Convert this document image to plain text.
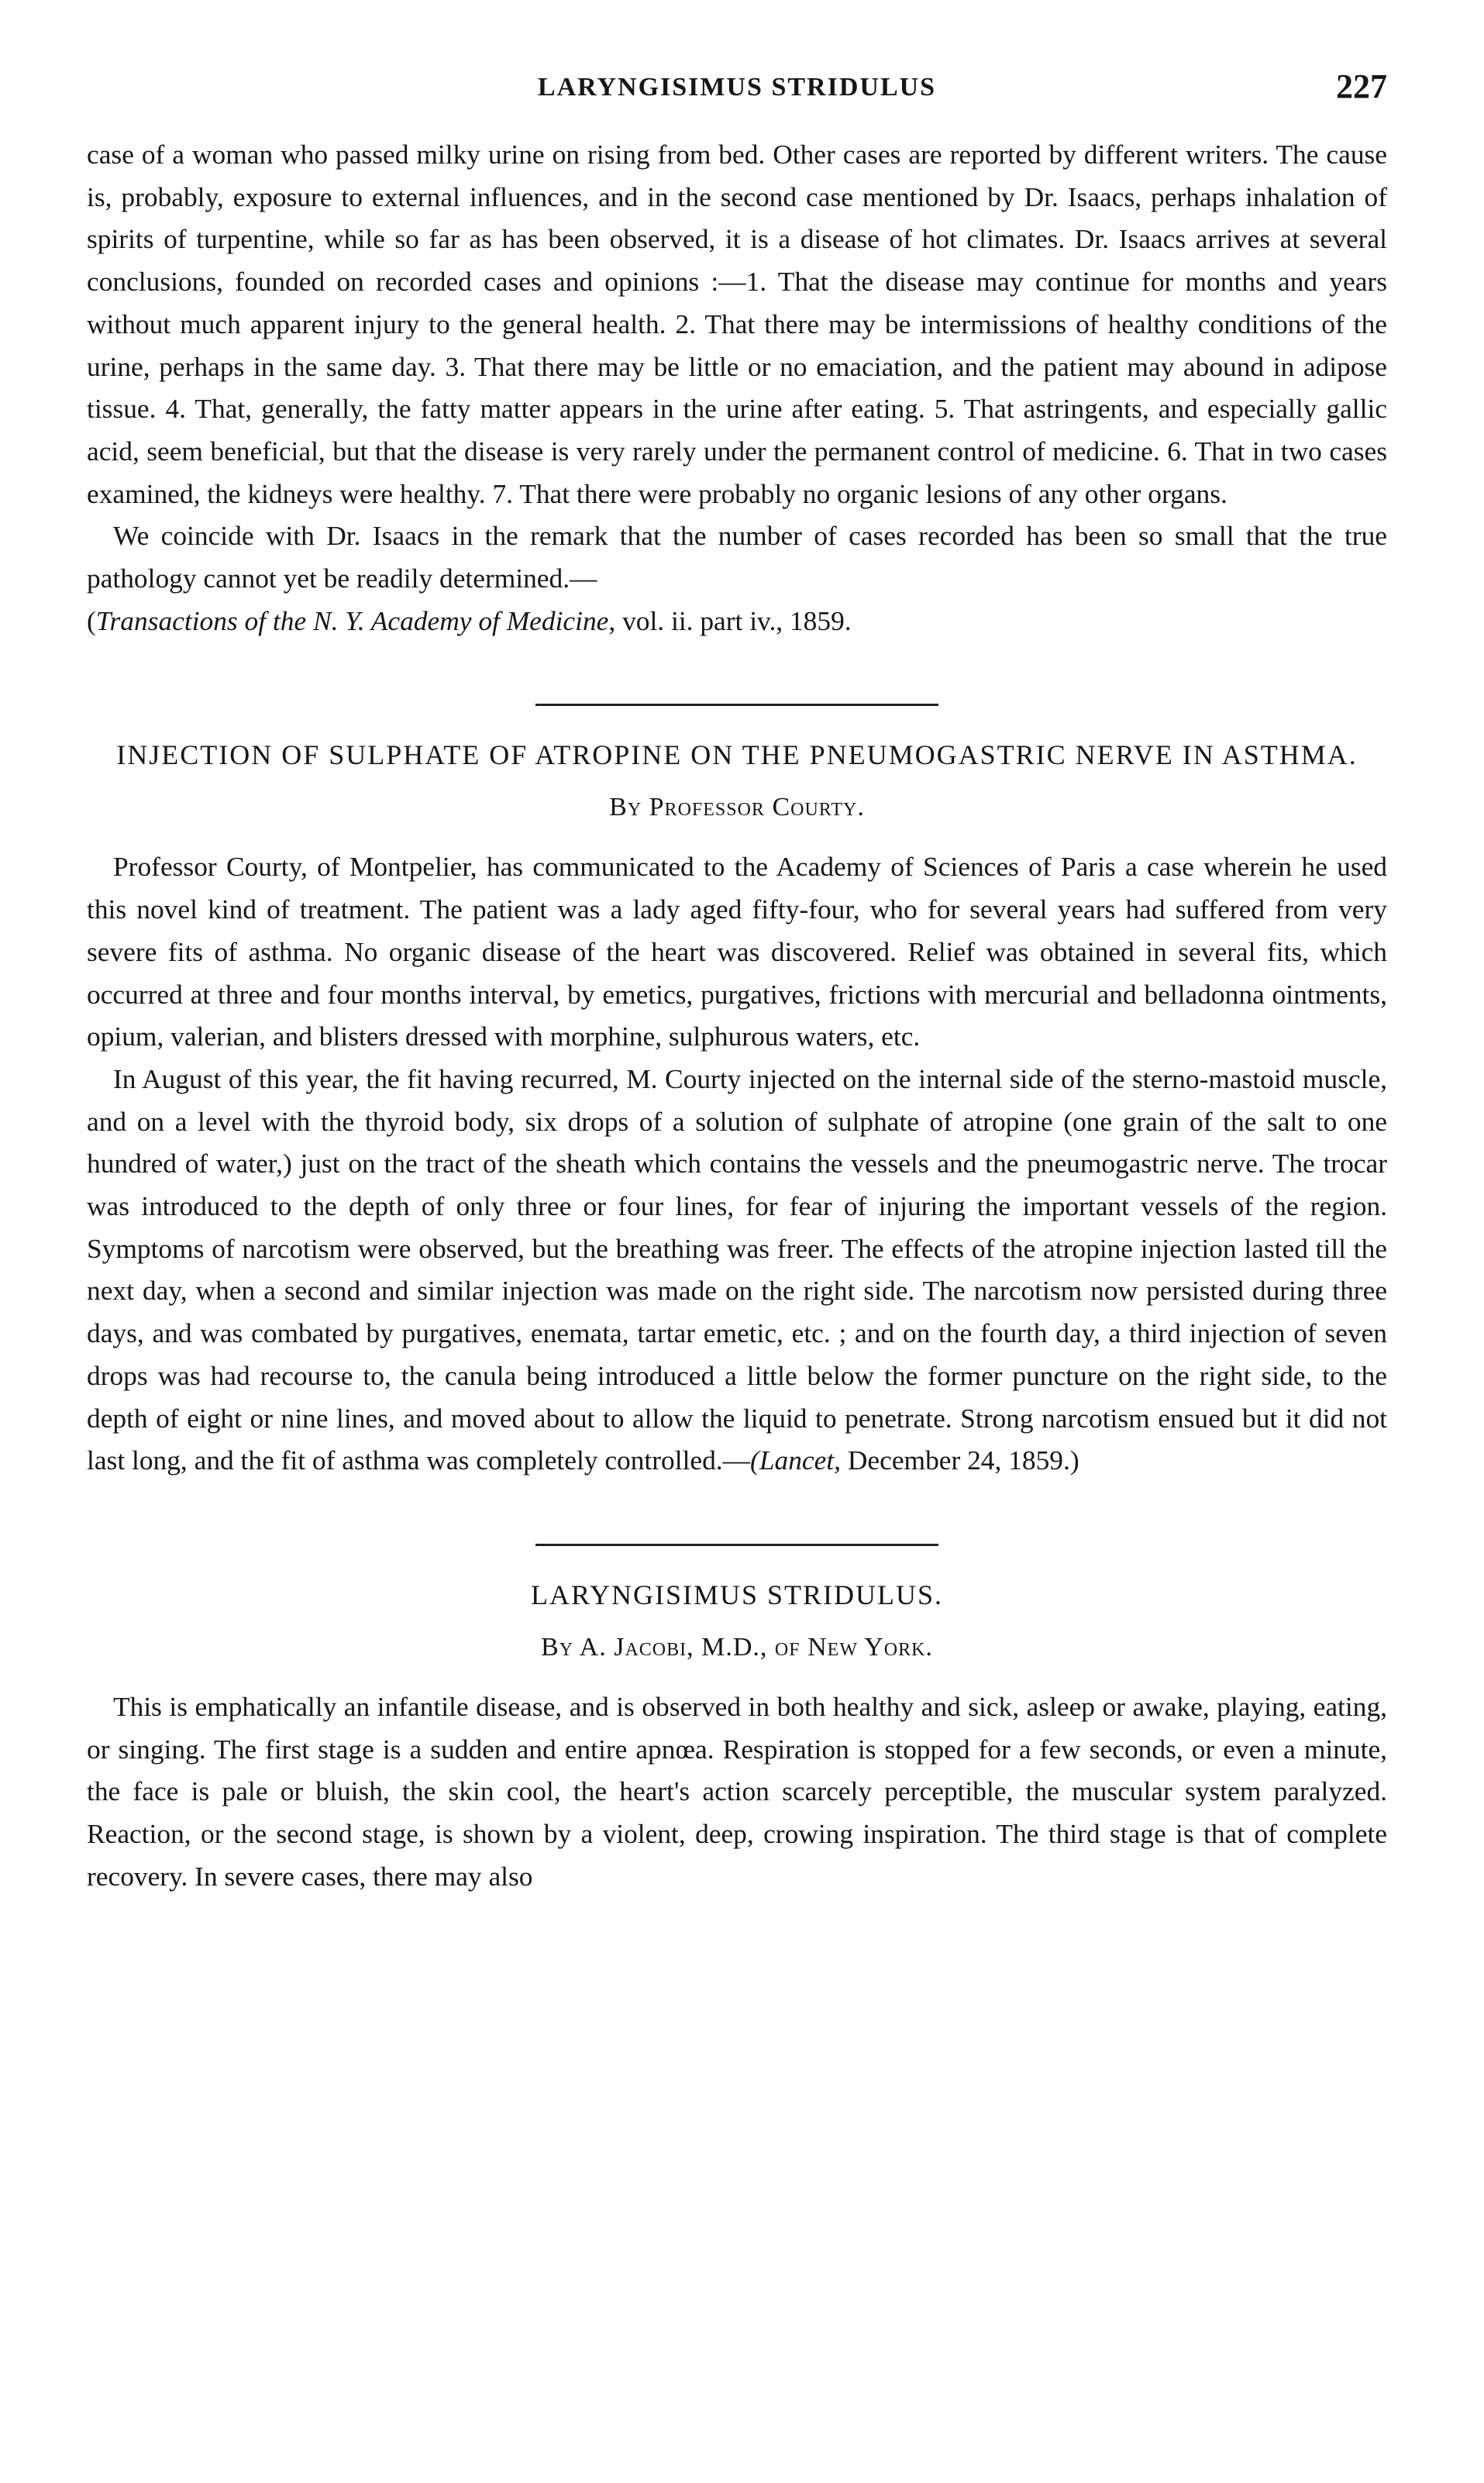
LARYNGISIMUS STRIDULUS	227

case of a woman who passed milky urine on rising from bed. Other cases are reported by different writers. The cause is, probably, exposure to external influences, and in the second case mentioned by Dr. Isaacs, perhaps inhalation of spirits of turpentine, while so far as has been observed, it is a disease of hot climates. Dr. Isaacs arrives at several conclusions, founded on recorded cases and opinions :—1. That the disease may continue for months and years without much apparent injury to the general health. 2. That there may be intermissions of healthy conditions of the urine, perhaps in the same day. 3. That there may be little or no emaciation, and the patient may abound in adipose tissue. 4. That, generally, the fatty matter appears in the urine after eating. 5. That astringents, and especially gallic acid, seem beneficial, but that the disease is very rarely under the permanent control of medicine. 6. That in two cases examined, the kidneys were healthy. 7. That there were probably no organic lesions of any other organs.

We coincide with Dr. Isaacs in the remark that the number of cases recorded has been so small that the true pathology cannot yet be readily determined.—

(Transactions of the N. Y. Academy of Medicine, vol. ii. part iv., 1859.
INJECTION OF SULPHATE OF ATROPINE ON THE PNEUMOGASTRIC NERVE IN ASTHMA.
By Professor Courty.

Professor Courty, of Montpelier, has communicated to the Academy of Sciences of Paris a case wherein he used this novel kind of treatment. The patient was a lady aged fifty-four, who for several years had suffered from very severe fits of asthma. No organic disease of the heart was discovered. Relief was obtained in several fits, which occurred at three and four months interval, by emetics, purgatives, frictions with mercurial and belladonna ointments, opium, valerian, and blisters dressed with morphine, sulphurous waters, etc.

In August of this year, the fit having recurred, M. Courty injected on the internal side of the sterno-mastoid muscle, and on a level with the thyroid body, six drops of a solution of sulphate of atropine (one grain of the salt to one hundred of water,) just on the tract of the sheath which contains the vessels and the pneumogastric nerve. The trocar was introduced to the depth of only three or four lines, for fear of injuring the important vessels of the region. Symptoms of narcotism were observed, but the breathing was freer. The effects of the atropine injection lasted till the next day, when a second and similar injection was made on the right side. The narcotism now persisted during three days, and was combated by purgatives, enemata, tartar emetic, etc. ; and on the fourth day, a third injection of seven drops was had recourse to, the canula being introduced a little below the former puncture on the right side, to the depth of eight or nine lines, and moved about to allow the liquid to penetrate. Strong narcotism ensued but it did not last long, and the fit of asthma was completely controlled.—(Lancet, December 24, 1859.)

LARYNGISIMUS STRIDULUS.
By A. Jacobi, M.D., of New York.

This is emphatically an infantile disease, and is observed in both healthy and sick, asleep or awake, playing, eating, or singing. The first stage is a sudden and entire apnœa. Respiration is stopped for a few seconds, or even a minute, the face is pale or bluish, the skin cool, the heart's action scarcely perceptible, the muscular system paralyzed. Reaction, or the second stage, is shown by a violent, deep, crowing inspiration. The third stage is that of complete recovery. In severe cases, there may also
